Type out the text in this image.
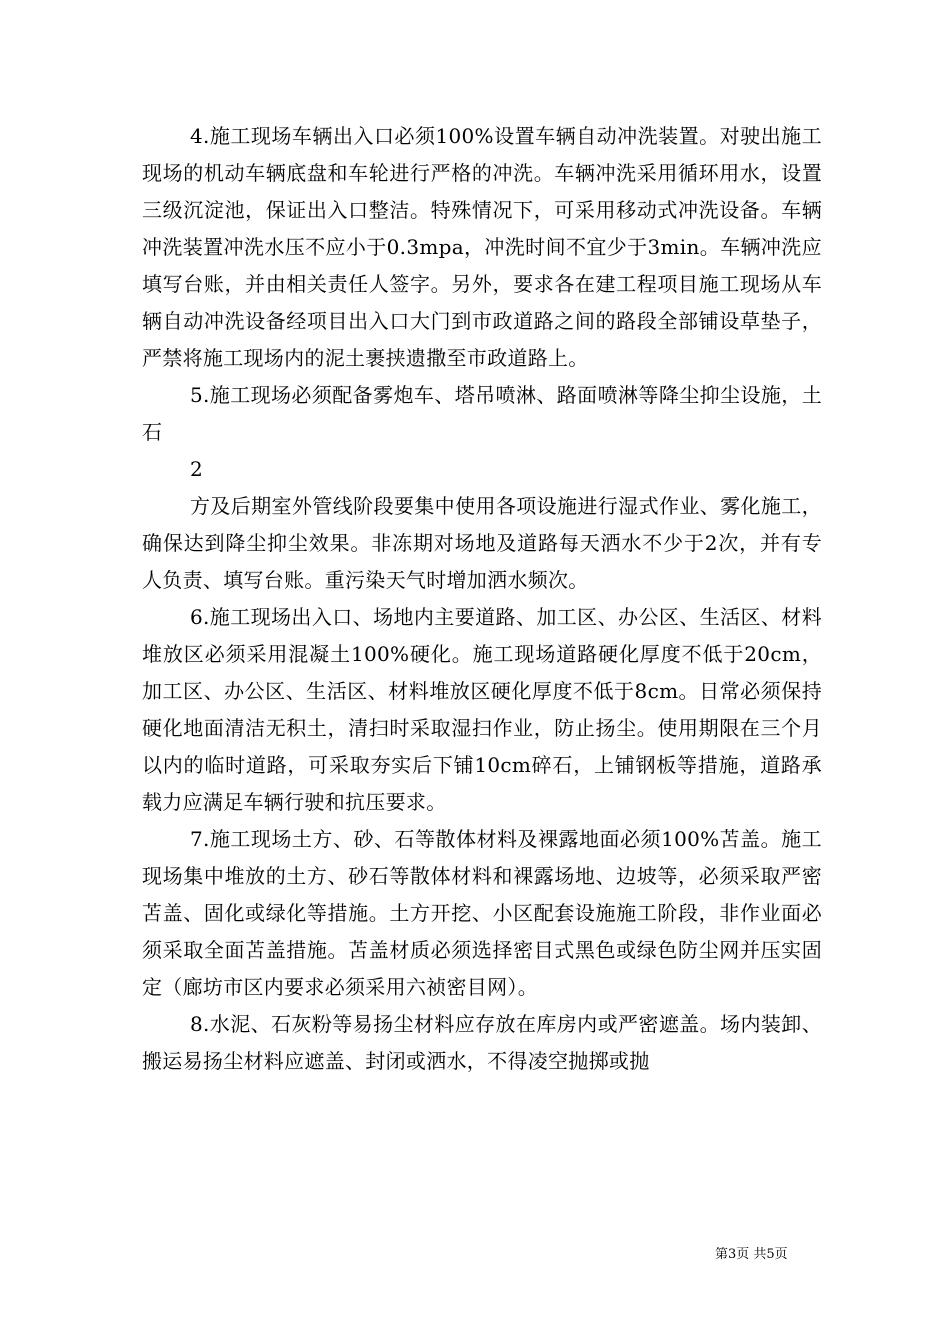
4.施工现场车辆出入口必须100%设置车辆自动冲洗装置。对驶出施工现场的机动车辆底盘和车轮进行严格的冲洗。车辆冲洗采用循环用水，设置三级沉淀池，保证出入口整洁。特殊情况下，可采用移动式冲洗设备。车辆冲洗装置冲洗水压不应小于0.3mpa，冲洗时间不宜少于3min。车辆冲洗应填写台账，并由相关责任人签字。另外，要求各在建工程项目施工现场从车辆自动冲洗设备经项目出入口大门到市政道路之间的路段全部铺设草垫子，严禁将施工现场内的泥土裹挟遗撒至市政道路上。

5.施工现场必须配备雾炮车、塔吊喷淋、路面喷淋等降尘抑尘设施，土石

2

方及后期室外管线阶段要集中使用各项设施进行湿式作业、雾化施工，确保达到降尘抑尘效果。非冻期对场地及道路每天洒水不少于2次，并有专人负责、填写台账。重污染天气时增加洒水频次。

6.施工现场出入口、场地内主要道路、加工区、办公区、生活区、材料堆放区必须采用混凝土100%硬化。施工现场道路硬化厚度不低于20cm，加工区、办公区、生活区、材料堆放区硬化厚度不低于8cm。日常必须保持硬化地面清洁无积土，清扫时采取湿扫作业，防止扬尘。使用期限在三个月以内的临时道路，可采取夯实后下铺10cm碎石，上铺钢板等措施，道路承载力应满足车辆行驶和抗压要求。

7.施工现场土方、砂、石等散体材料及裸露地面必须100%苫盖。施工现场集中堆放的土方、砂石等散体材料和裸露场地、边坡等，必须采取严密苫盖、固化或绿化等措施。土方开挖、小区配套设施施工阶段，非作业面必须采取全面苫盖措施。苫盖材质必须选择密目式黑色或绿色防尘网并压实固定（廊坊市区内要求必须采用六祯密目网）。

8.水泥、石灰粉等易扬尘材料应存放在库房内或严密遮盖。场内装卸、搬运易扬尘材料应遮盖、封闭或洒水，不得凌空抛掷或抛

第3页 共5页
